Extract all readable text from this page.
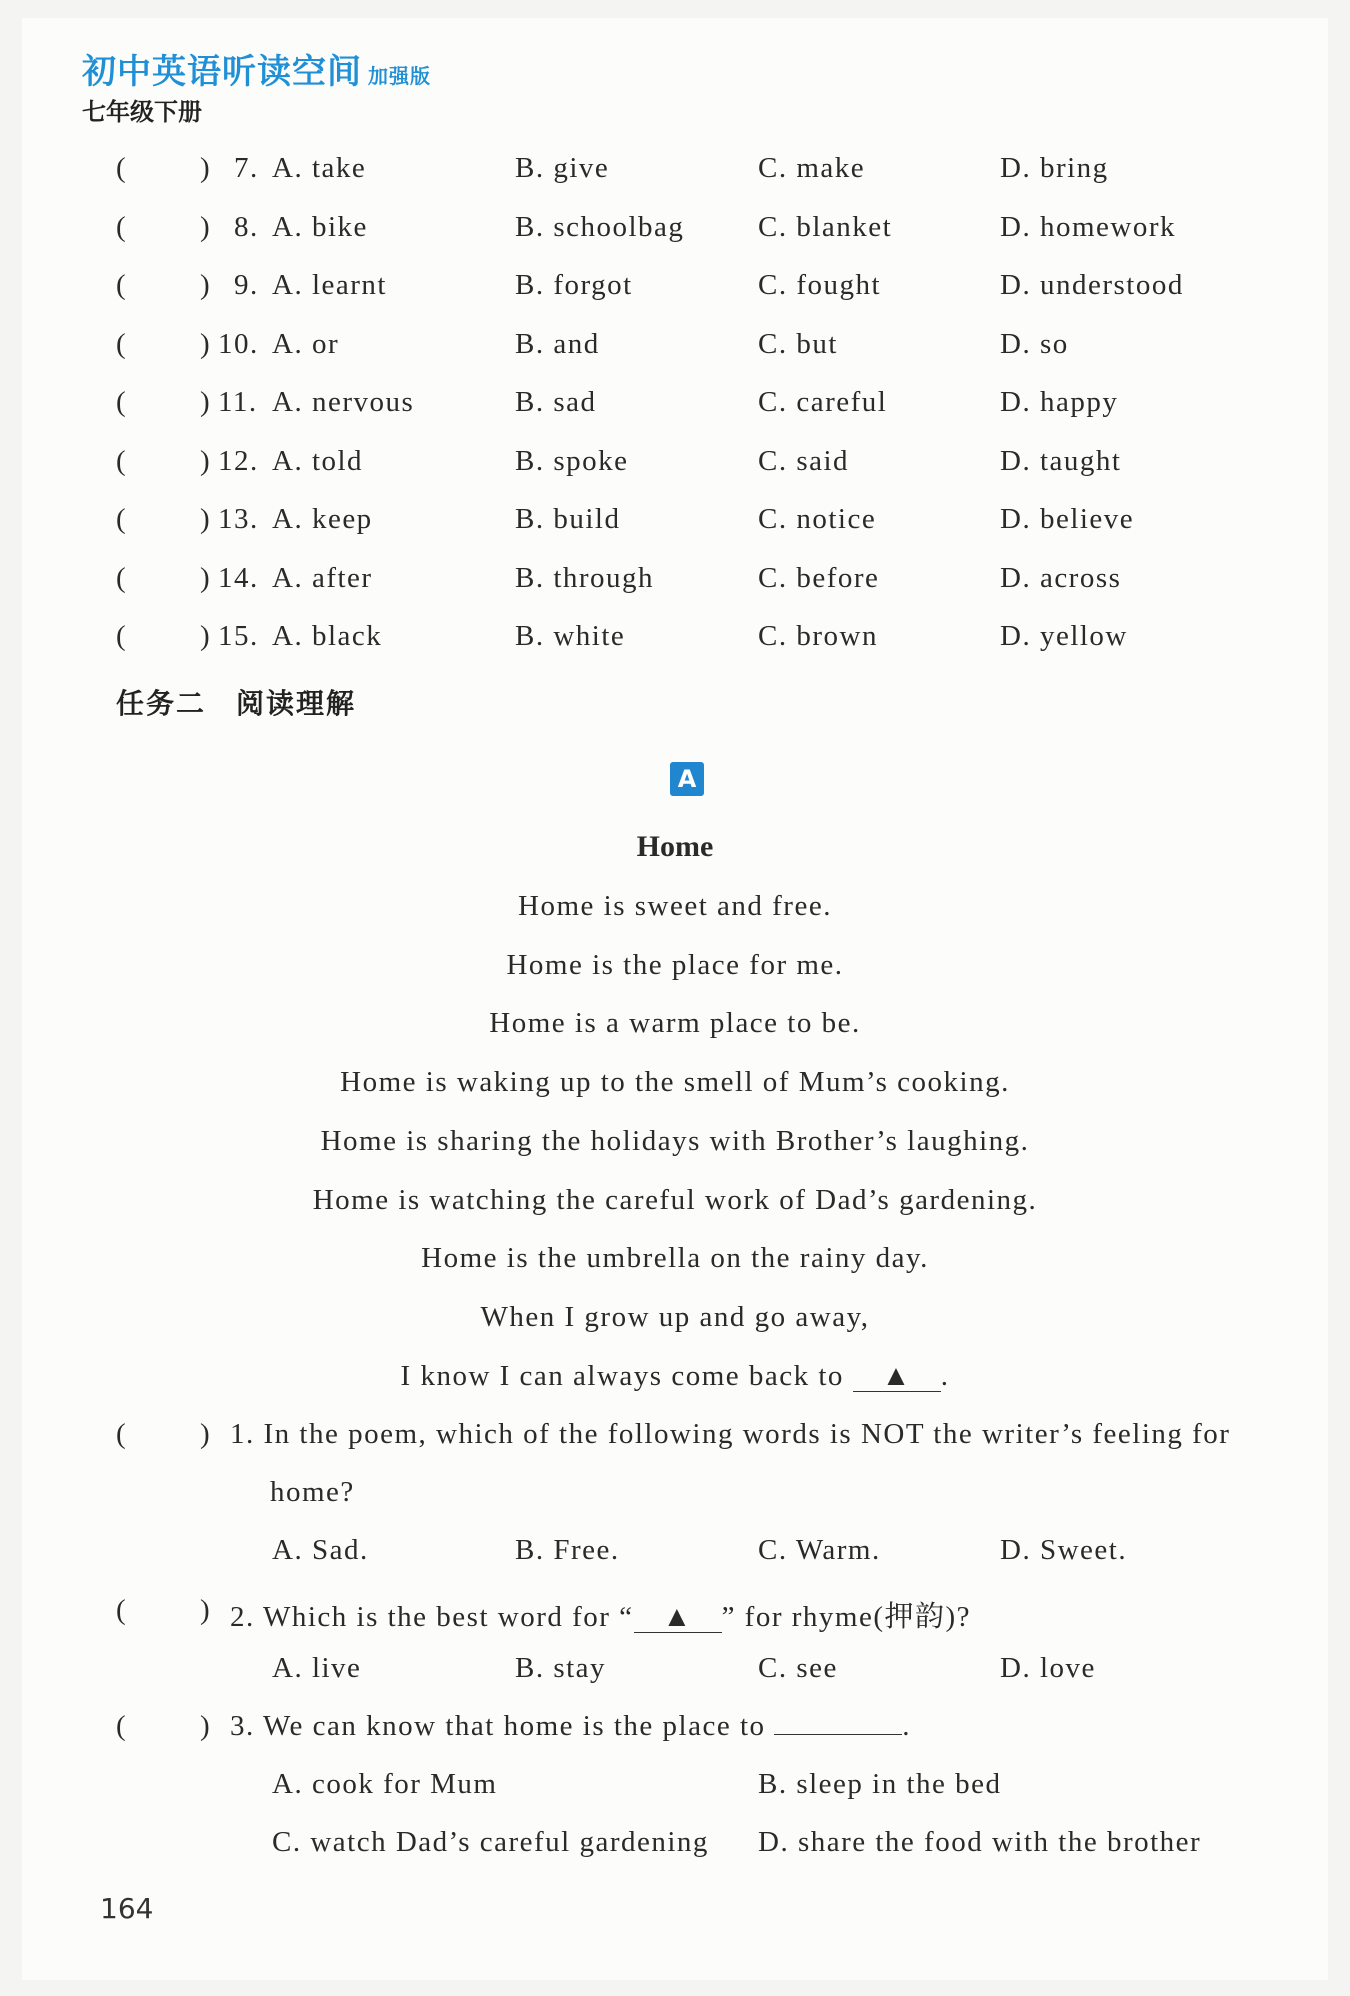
初中英语听读空间 加强版
七年级下册
(	) 7. A. take	B. give	C. make	D. bring
(	) 8. A. bike	B. schoolbag	C. blanket	D. homework
(	) 9. A. learnt	B. forgot	C. fought	D. understood
(	) 10. A. or	B. and	C. but	D. so
(	) 11. A. nervous	B. sad	C. careful	D. happy
(	) 12. A. told	B. spoke	C. said	D. taught
(	) 13. A. keep	B. build	C. notice	D. believe
(	) 14. A. after	B. through	C. before	D. across
(	) 15. A. black	B. white	C. brown	D. yellow
任务二　阅读理解
A
Home
Home is sweet and free.
Home is the place for me.
Home is a warm place to be.
Home is waking up to the smell of Mum’s cooking.
Home is sharing the holidays with Brother’s laughing.
Home is watching the careful work of Dad’s gardening.
Home is the umbrella on the rainy day.
When I grow up and go away,
I know I can always come back to ▲ .
(	) 1. In the poem, which of the following words is NOT the writer’s feeling for
home?
A. Sad.	B. Free.	C. Warm.	D. Sweet.
(	) 2. Which is the best word for “ ▲ ” for rhyme(押韵)?
A. live	B. stay	C. see	D. love
(	) 3. We can know that home is the place to	.
A. cook for Mum	B. sleep in the bed
C. watch Dad’s careful gardening D. share the food with the brother
164
